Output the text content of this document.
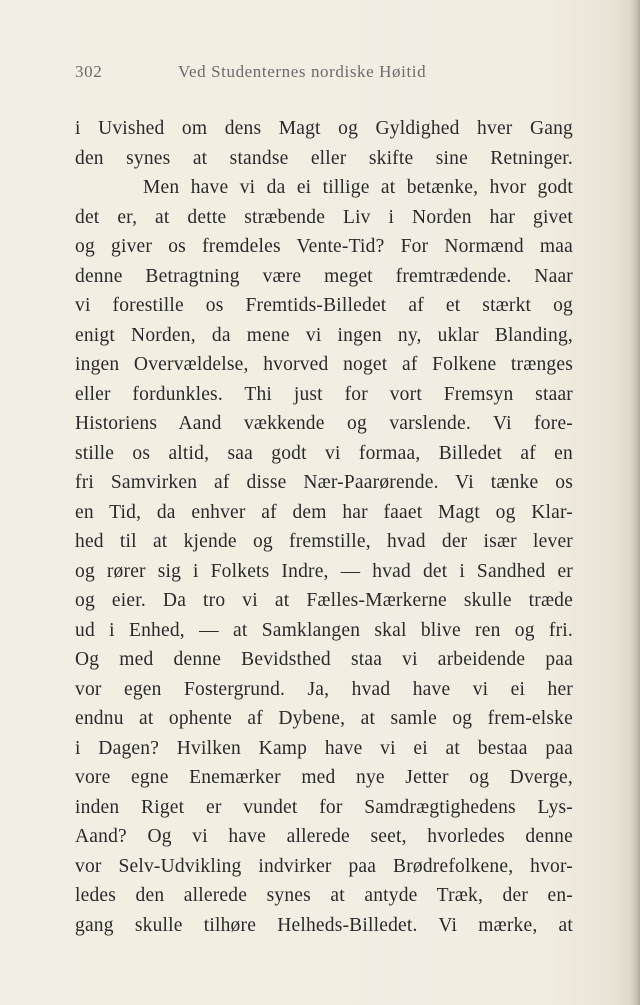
302	Ved Studenternes nordiske Høitid
i Uvished om dens Magt og Gyldighed hver Gang
den synes at standse eller skifte sine Retninger.
Men have vi da ei tillige at betænke, hvor godt
det er, at dette stræbende Liv i Norden har givet
og giver os fremdeles Vente-Tid? For Normænd maa
denne Betragtning være meget fremtrædende. Naar
vi forestille os Fremtids-Billedet af et stærkt og
enigt Norden, da mene vi ingen ny, uklar Blanding,
ingen Overvældelse, hvorved noget af Folkene trænges
eller fordunkles. Thi just for vort Fremsyn staar
Historiens Aand vækkende og varslende. Vi fore-
stille os altid, saa godt vi formaa, Billedet af en
fri Samvirken af disse Nær-Paarørende. Vi tænke os
en Tid, da enhver af dem har faaet Magt og Klar-
hed til at kjende og fremstille, hvad der især lever
og rører sig i Folkets Indre, — hvad det i Sandhed er
og eier. Da tro vi at Fælles-Mærkerne skulle træde
ud i Enhed, — at Samklangen skal blive ren og fri.
Og med denne Bevidsthed staa vi arbeidende paa
vor egen Fostergrund. Ja, hvad have vi ei her
endnu at ophente af Dybene, at samle og frem-elske
i Dagen? Hvilken Kamp have vi ei at bestaa paa
vore egne Enemærker med nye Jetter og Dverge,
inden Riget er vundet for Samdrægtighedens Lys-
Aand? Og vi have allerede seet, hvorledes denne
vor Selv-Udvikling indvirker paa Brødrefolkene, hvor-
ledes den allerede synes at antyde Træk, der en-
gang skulle tilhøre Helheds-Billedet. Vi mærke, at
